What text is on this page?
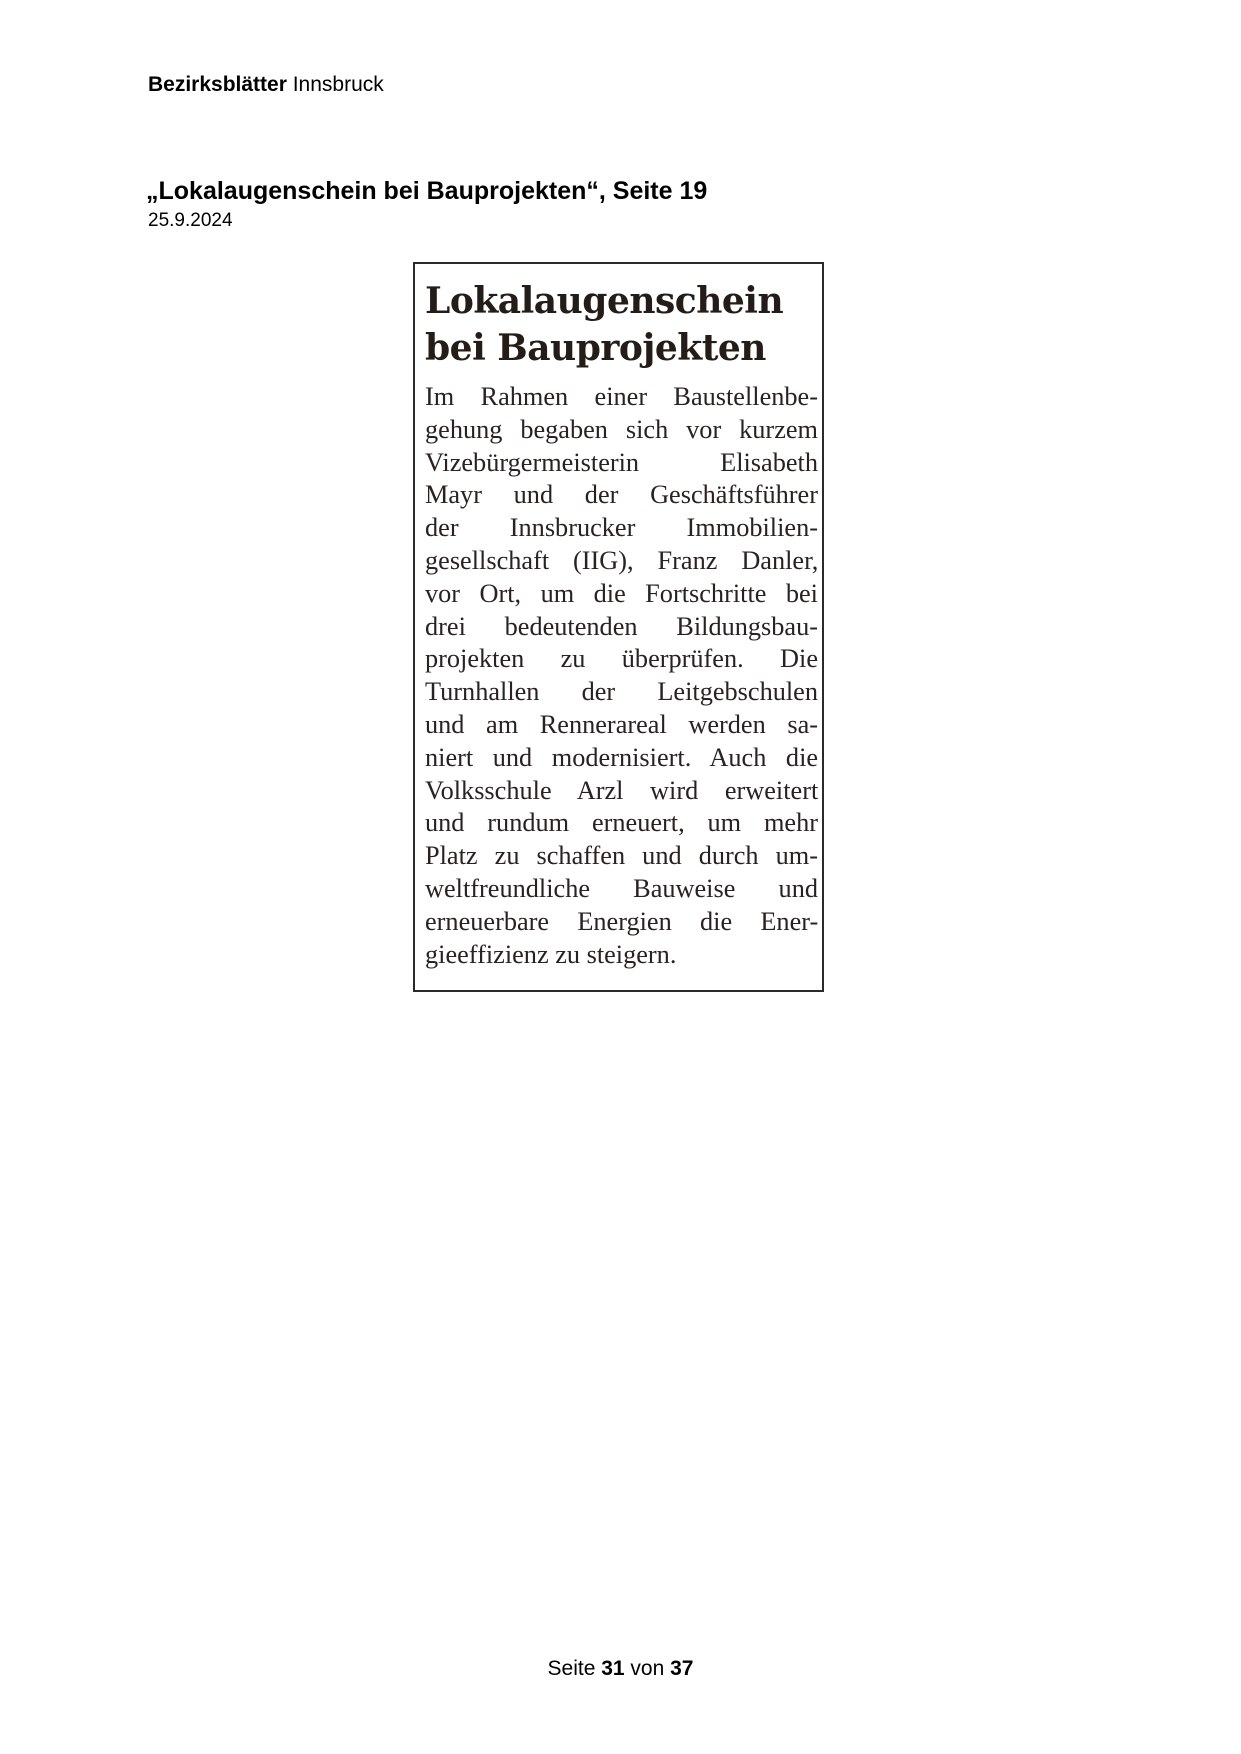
Bezirksblätter Innsbruck
„Lokalaugenschein bei Bauprojekten“, Seite 19
25.9.2024
Lokalaugenschein
bei Bauprojekten
Im Rahmen einer Baustellenbe-
gehung begaben sich vor kurzem
Vizebürgermeisterin Elisabeth
Mayr und der Geschäftsführer
der Innsbrucker Immobilien-
gesellschaft (IIG), Franz Danler,
vor Ort, um die Fortschritte bei
drei bedeutenden Bildungsbau-
projekten zu überprüfen. Die
Turnhallen der Leitgebschulen
und am Rennerareal werden sa-
niert und modernisiert. Auch die
Volksschule Arzl wird erweitert
und rundum erneuert, um mehr
Platz zu schaffen und durch um-
weltfreundliche Bauweise und
erneuerbare Energien die Ener-
gieeffizienz zu steigern.
Seite 31 von 37
